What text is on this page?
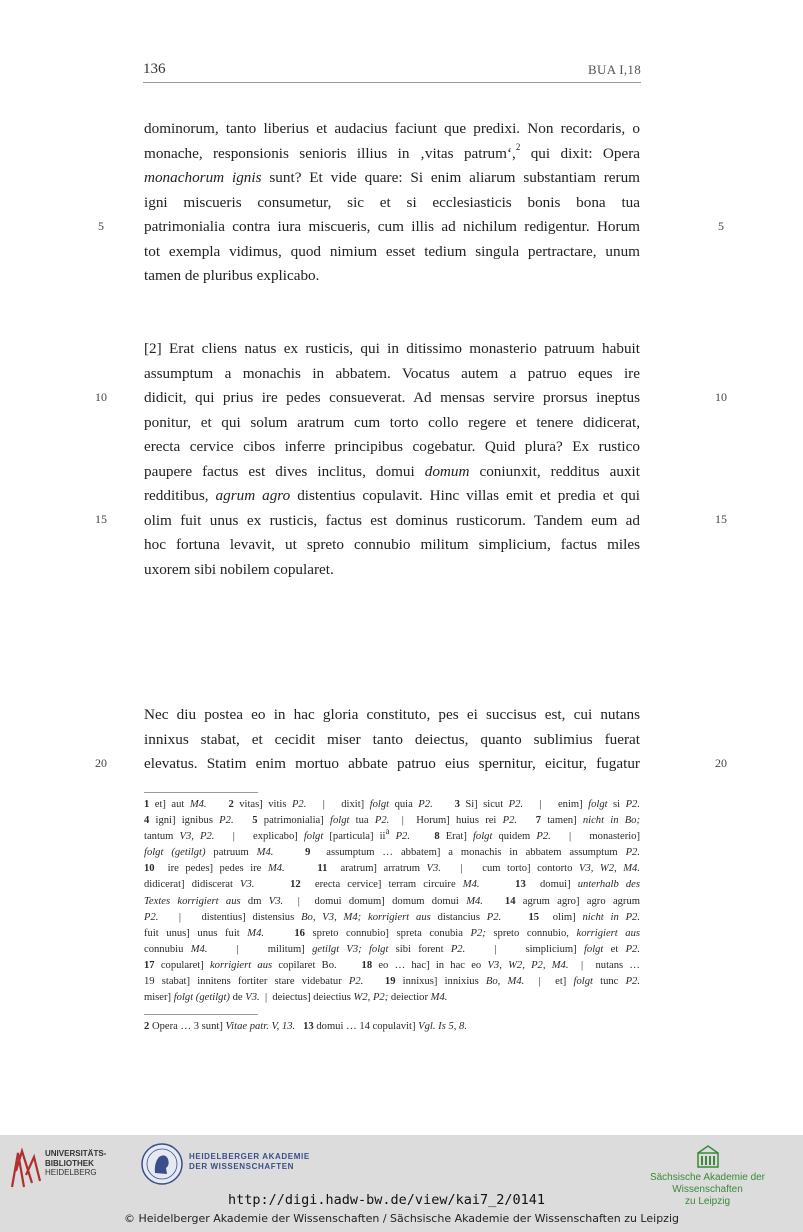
136	BUA I,18
dominorum, tanto liberius et audacius faciunt que predixi. Non recordaris, o
monache, responsionis senioris illius in ‚vitas patrum‘,$^2$ qui dixit: Opera
monachorum ignis sunt? Et vide quare: Si enim aliarum substantiam rerum
igni miscueris consumetur, sic et si ecclesiasticis bonis bona tua
patrimonialia contra iura miscueris, cum illis ad nichilum redigentur. Horum
tot exempla vidimus, quod nimium esset tedium singula pertractare, unum
tamen de pluribus explicabo.
[2] Erat cliens natus ex rusticis, qui in ditissimo monasterio patruum habuit
assumptum a monachis in abbatem. Vocatus autem a patruo eques ire
didicit, qui prius ire pedes consueverat. Ad mensas servire prorsus ineptus
ponitur, et qui solum aratrum cum torto collo regere et tenere didicerat,
erecta cervice cibos inferre principibus cogebatur. Quid plura? Ex rustico
paupere factus est dives inclitus, domui domum coniunxit, redditus auxit
redditibus, agrum agro distentius copulavit. Hinc villas emit et predia et qui
olim fuit unus ex rusticis, factus est dominus rusticorum. Tandem eum ad
hoc fortuna levavit, ut spreto connubio militum simplicium, factus miles
uxorem sibi nobilem copularet.
Nec diu postea eo in hac gloria constituto, pes ei succisus est, cui nutans
innixus stabat, et cecidit miser tanto deiectus, quanto sublimius fuerat
elevatus. Statim enim mortuo abbate patruo eius spernitur, eicitur, fugatur
5	5
10	10
15	15
20	20
1 et] aut M4. 2 vitas] vitis P2.   |   dixit] folgt quia P2. 3 Si] sicut P2.   |   enim] folgt si P2.
4 igni] ignibus P2. 5 patrimonialia] folgt tua P2.  |  Horum] huius rei P2. 7 tamen] nicht in Bo;
tantum V3, P2.   |   explicabo] folgt [particula] $ii^a$ P2. 8 Erat] folgt quidem P2.   |   monasterio]
folgt (getilgt) patruum M4.	9  assumptum … abbatem] a monachis in abbatem assumptum P2.
10  ire pedes] pedes ire M4.	11  aratrum] arratrum V3.   |   cum torto] contorto V3, W2, M4.
didicerat] didiscerat V3.	12  erecta cervice] terram circuire M4.	13  domui] unterhalb des
Textes korrigiert aus dm V3.  |  domui domum] domum domui M4. 14 agrum agro] agro agrum
P2.   |   distentius] distensius Bo, V3, M4; korrigiert aus distancius P2.	15  olim] nicht in P2.
fuit unus] unus fuit M4.	16 spreto connubio] spreta conubia P2; spreto connubio, korrigiert aus
connubiu M4.    |    militum] getilgt V3; folgt sibi forent P2.    |    simplicium] folgt et P2.
17 copularet] korrigiert aus copilaret Bo.    18 eo … hac] in hac eo V3, W2, P2, M4.  |  nutans …
19 stabat] innitens fortiter stare videbatur P2. 19 innixus] innixius Bo, M4.  |  et] folgt tunc P2.
miser] folgt (getilgt) de V3.  |  deiectus] deiectius W2, P2; deiectior M4.
2 Opera … 3 sunt] Vitae patr. V, 13. 13 domui … 14 copulavit] Vgl. Is 5, 8.
UNIVERSITÄTS-
BIBLIOTHEK
HEIDELBERG
HEIDELBERGER AKADEMIE
DER WISSENSCHAFTEN
Sächsische Akademie der Wissenschaften
zu Leipzig
http://digi.hadw-bw.de/view/kai7_2/0141
© Heidelberger Akademie der Wissenschaften / Sächsische Akademie der Wissenschaften zu Leipzig
